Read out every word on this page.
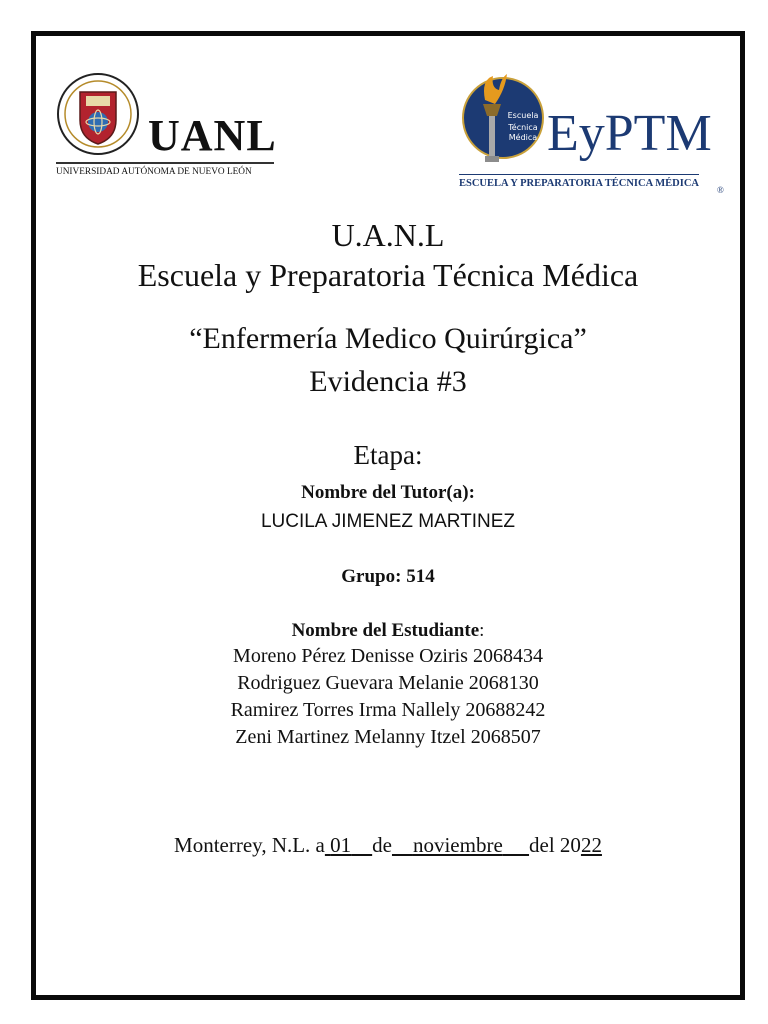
UANL
UNIVERSIDAD AUTÓNOMA DE NUEVO LEÓN
Escuela
Técnica
Médica EyPTM
ESCUELA Y PREPARATORIA TÉCNICA MÉDICA
®
U.A.N.L
Escuela y Preparatoria Técnica Médica
“Enfermería Medico Quirúrgica”
Evidencia #3
Etapa:
Nombre del Tutor(a):
LUCILA JIMENEZ MARTINEZ
Grupo: 514
Nombre del Estudiante:
Moreno Pérez Denisse Oziris 2068434
Rodriguez Guevara Melanie 2068130
Ramirez Torres Irma Nallely 20688242
Zeni Martinez Melanny Itzel 2068507
Monterrey, N.L. a 01 de noviembre del 2022
